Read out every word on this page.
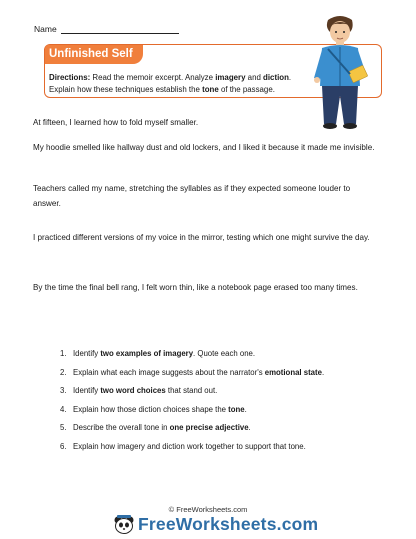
Name
Unfinished Self
Directions: Read the memoir excerpt. Analyze imagery and diction.
Explain how these techniques establish the tone of the passage.
At fifteen, I learned how to fold myself smaller.
My hoodie smelled like hallway dust and old lockers, and I liked it because it made me invisible.
Teachers called my name, stretching the syllables as if they expected someone louder to answer.
I practiced different versions of my voice in the mirror, testing which one might survive the day.
By the time the final bell rang, I felt worn thin, like a notebook page erased too many times.
1. Identify two examples of imagery. Quote each one.
2. Explain what each image suggests about the narrator's emotional state.
3. Identify two word choices that stand out.
4. Explain how those diction choices shape the tone.
5. Describe the overall tone in one precise adjective.
6. Explain how imagery and diction work together to support that tone.
© FreeWorksheets.com
FreeWorksheets.com
